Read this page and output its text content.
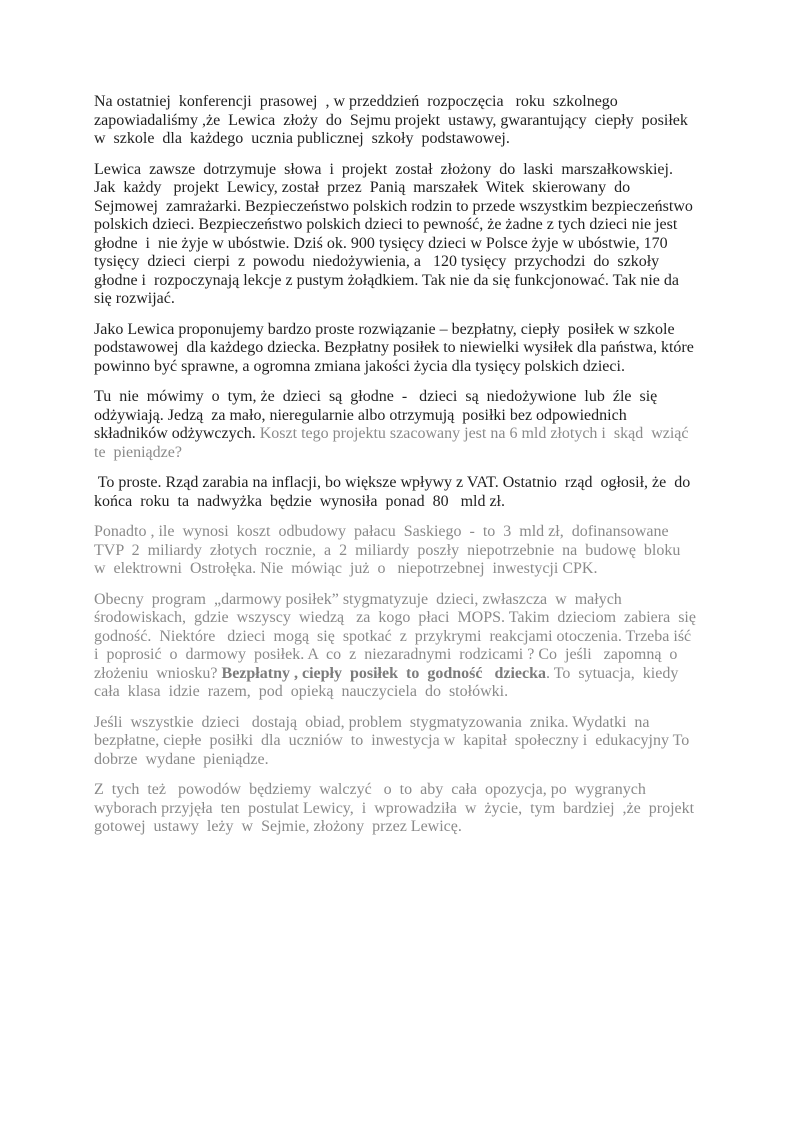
Na ostatniej  konferencji  prasowej  , w przeddzień  rozpoczęcia   roku  szkolnego
zapowiadaliśmy ,że  Lewica  złoży  do  Sejmu projekt  ustawy, gwarantujący  ciepły  posiłek
w  szkole  dla  każdego  ucznia publicznej  szkoły  podstawowej.
Lewica  zawsze  dotrzymuje  słowa  i  projekt  został  złożony  do  laski  marszałkowskiej.
Jak  każdy   projekt  Lewicy, został  przez  Panią  marszałek  Witek  skierowany  do
Sejmowej  zamrażarki. Bezpieczeństwo polskich rodzin to przede wszystkim bezpieczeństwo
polskich dzieci. Bezpieczeństwo polskich dzieci to pewność, że żadne z tych dzieci nie jest
głodne  i  nie żyje w ubóstwie. Dziś ok. 900 tysięcy dzieci w Polsce żyje w ubóstwie, 170
tysięcy  dzieci  cierpi  z  powodu  niedożywienia, a   120 tysięcy  przychodzi  do  szkoły
głodne i  rozpoczynają lekcje z pustym żołądkiem. Tak nie da się funkcjonować. Tak nie da
się rozwijać.
Jako Lewica proponujemy bardzo proste rozwiązanie – bezpłatny, ciepły  posiłek w szkole
podstawowej  dla każdego dziecka. Bezpłatny posiłek to niewielki wysiłek dla państwa, które
powinno być sprawne, a ogromna zmiana jakości życia dla tysięcy polskich dzieci.
Tu  nie  mówimy  o  tym, że  dzieci  są  głodne  -   dzieci  są  niedożywione  lub  źle  się
odżywiają. Jedzą  za mało, nieregularnie albo otrzymują  posiłki bez odpowiednich
składników odżywczych. Koszt tego projektu szacowany jest na 6 mld złotych i  skąd  wziąć
te  pieniądze?
To proste. Rząd zarabia na inflacji, bo większe wpływy z VAT. Ostatnio  rząd  ogłosił, że  do
końca  roku  ta  nadwyżka  będzie  wynosiła  ponad  80   mld zł.
Ponadto , ile  wynosi  koszt  odbudowy  pałacu  Saskiego  -  to  3  mld zł,  dofinansowane
TVP  2  miliardy  złotych  rocznie,  a  2  miliardy  poszły  niepotrzebnie  na  budowę  bloku
w  elektrowni  Ostrołęka. Nie  mówiąc  już  o   niepotrzebnej  inwestycji CPK.
Obecny  program  „darmowy posiłek” stygmatyzuje  dzieci, zwłaszcza  w  małych
środowiskach,  gdzie  wszyscy  wiedzą   za  kogo  płaci  MOPS. Takim  dzieciom  zabiera  się
godność.  Niektóre   dzieci  mogą  się  spotkać  z  przykrymi  reakcjami otoczenia. Trzeba iść
i  poprosić  o  darmowy  posiłek. A  co  z  niezaradnymi  rodzicami ? Co  jeśli   zapomną  o
złożeniu  wniosku? Bezpłatny , ciepły  posiłek  to  godność   dziecka. To  sytuacja,  kiedy
cała  klasa  idzie  razem,  pod  opieką  nauczyciela  do  stołówki.
Jeśli  wszystkie  dzieci   dostają  obiad, problem  stygmatyzowania  znika. Wydatki  na
bezpłatne, ciepłe  posiłki  dla  uczniów  to  inwestycja w  kapitał  społeczny i  edukacyjny To
dobrze  wydane  pieniądze.
Z  tych  też   powodów  będziemy  walczyć   o  to  aby  cała  opozycja, po  wygranych
wyborach przyjęła  ten  postulat Lewicy,  i  wprowadziła  w  życie,  tym  bardziej  ,że  projekt
gotowej  ustawy  leży  w  Sejmie, złożony  przez Lewicę.
